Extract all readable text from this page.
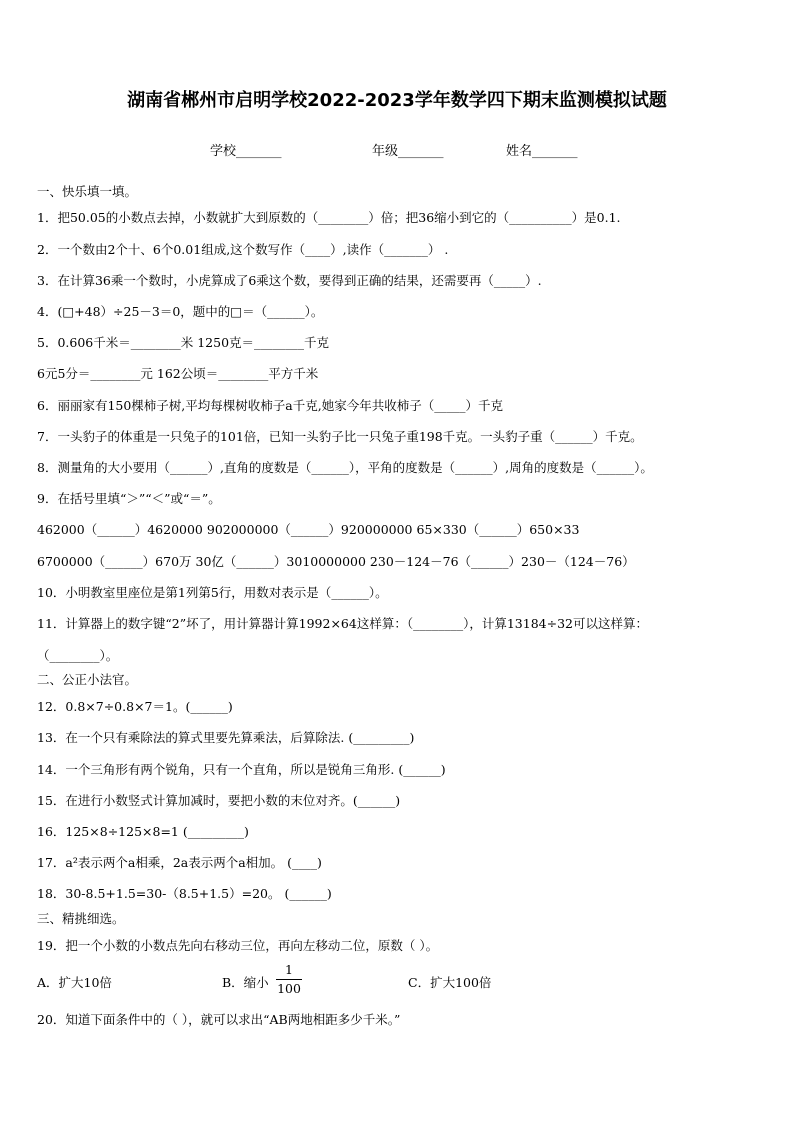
湖南省郴州市启明学校2022-2023学年数学四下期末监测模拟试题
学校_______	年级_______	姓名_______
一、快乐填一填。
1．把50.05的小数点去掉，小数就扩大到原数的（________）倍；把36缩小到它的（__________）是0.1.
2．一个数由2个十、6个0.01组成,这个数写作（____）,读作（_______） .
3．在计算36乘一个数时，小虎算成了6乘这个数，要得到正确的结果，还需要再（_____）.
4．(□+48）÷25－3＝0，题中的□＝（______）。
5．0.606千米＝________米 1250克＝________千克
6元5分＝________元 162公顷＝________平方千米
6．丽丽家有150棵柿子树,平均每棵树收柿子a千克,她家今年共收柿子（_____）千克
7．一头豹子的体重是一只兔子的101倍，已知一头豹子比一只兔子重198千克。一头豹子重（______）千克。
8．测量角的大小要用（______）,直角的度数是（______），平角的度数是（______）,周角的度数是（______）。
9．在括号里填“＞”“＜”或“＝”。
462000（______）4620000 902000000（______）920000000 65×330（______）650×33
6700000（______）670万 30亿（______）3010000000 230－124－76（______）230－（124－76）
10．小明教室里座位是第1列第5行，用数对表示是（______）。
11．计算器上的数字键“2”坏了，用计算器计算1992×64这样算：（________），计算13184÷32可以这样算：
（________）。
二、公正小法官。
12．0.8×7÷0.8×7＝1。(______)
13．在一个只有乘除法的算式里要先算乘法，后算除法. (_________)
14．一个三角形有两个锐角，只有一个直角，所以是锐角三角形. (______)
15．在进行小数竖式计算加减时，要把小数的末位对齐。(______)
16．125×8÷125×8=1 (_________)
17．a²表示两个a相乘，2a表示两个a相加。 (____)
18．30-8.5+1.5=30-（8.5+1.5）=20。 (______)
三、精挑细选。
19．把一个小数的小数点先向右移动三位，再向左移动二位，原数（ ）。
A．扩大10倍	B．缩小
1
100	C．扩大100倍
20．知道下面条件中的（ ），就可以求出“AB两地相距多少千米。”
